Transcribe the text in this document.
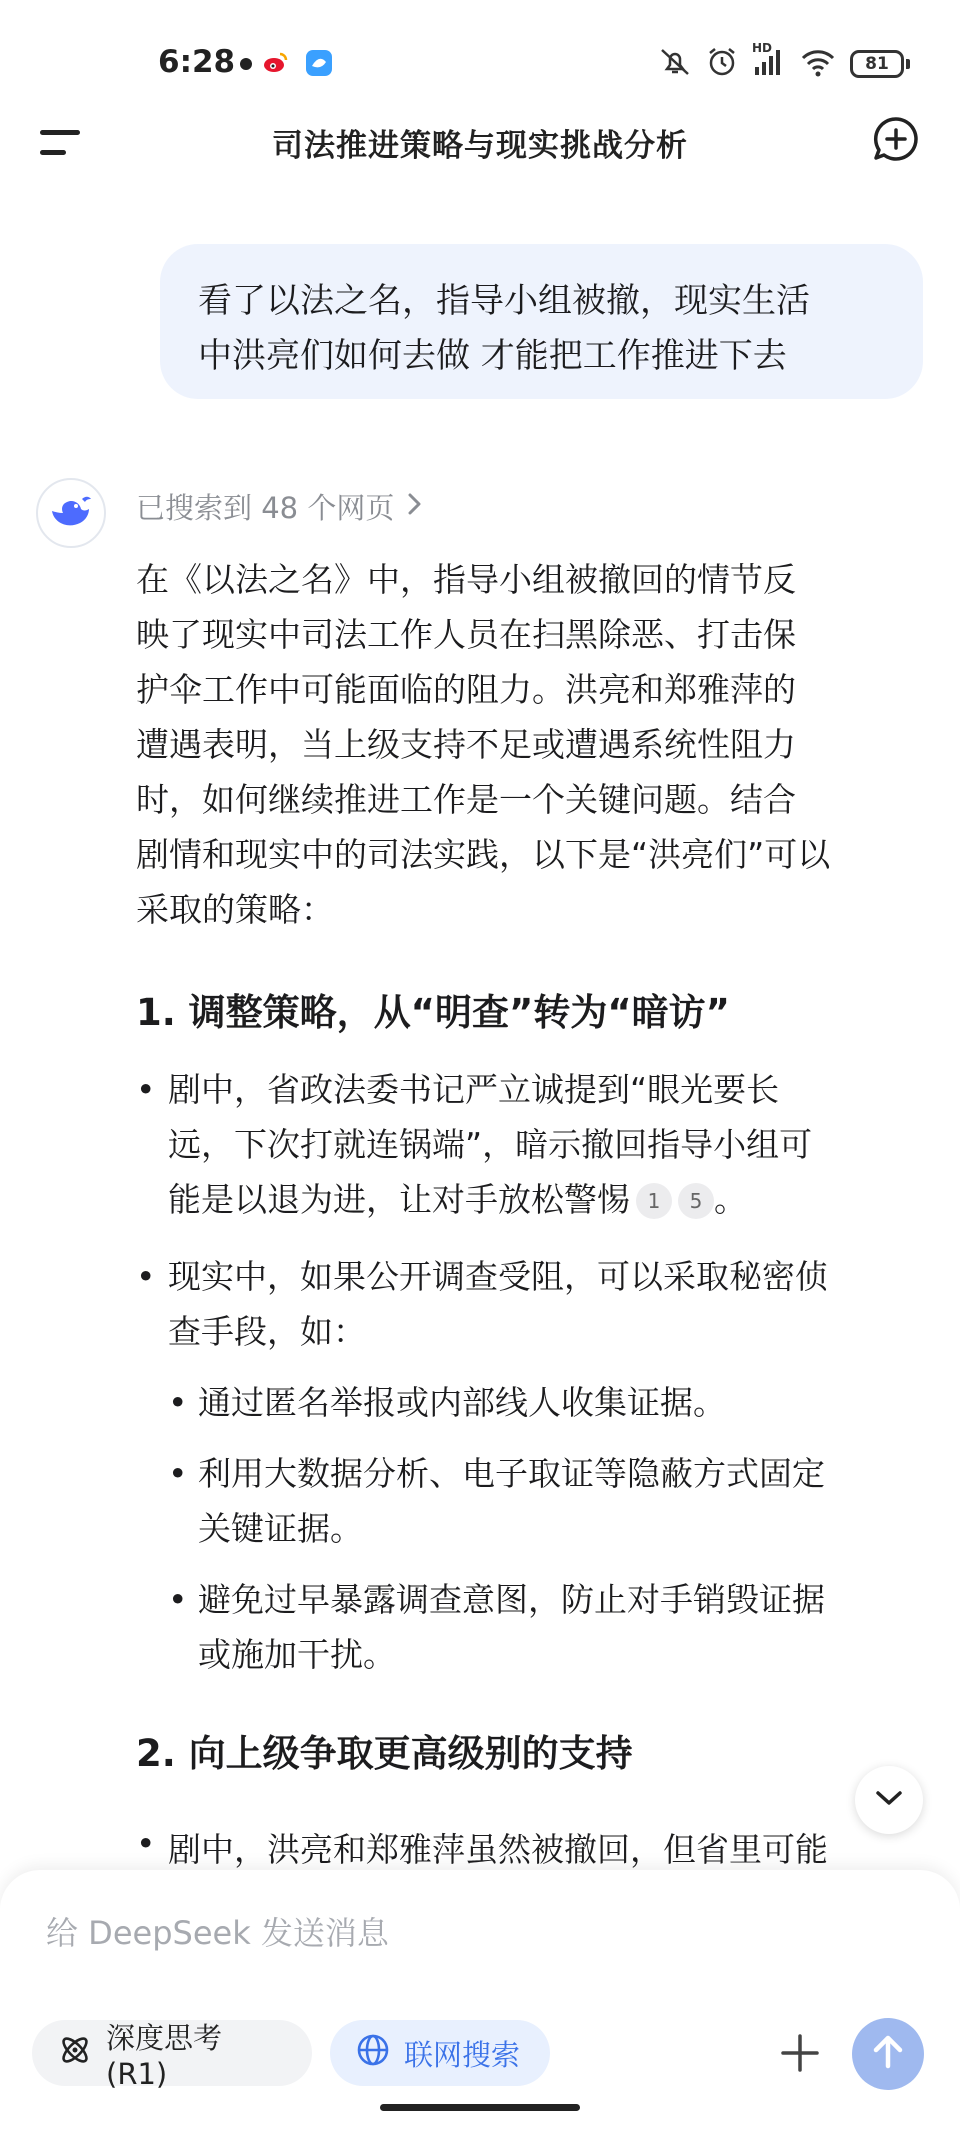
6:28	HD
81
司法推进策略与现实挑战分析
看了以法之名，指导小组被撤，现实生活
中洪亮们如何去做 才能把工作推进下去
已搜索到 48 个网页

在《以法之名》中，指导小组被撤回的情节反
映了现实中司法工作人员在扫黑除恶、打击保
护伞工作中可能面临的阻力。洪亮和郑雅萍的
遭遇表明，当上级支持不足或遭遇系统性阻力
时，如何继续推进工作是一个关键问题。结合
剧情和现实中的司法实践，以下是“洪亮们”可以
采取的策略：

1. 调整策略，从“明查”转为“暗访”
• 剧中，省政法委书记严立诚提到“眼光要长
远，下次打就连锅端”，暗示撤回指导小组可
能是以退为进，让对手放松警惕 1 5 。
• 现实中，如果公开调查受阻，可以采取秘密侦
查手段，如：
• 通过匿名举报或内部线人收集证据。
• 利用大数据分析、电子取证等隐蔽方式固定
关键证据。
• 避免过早暴露调查意图，防止对手销毁证据
或施加干扰。
2. 向上级争取更高级别的支持
• 剧中，洪亮和郑雅萍虽然被撤回，但省里可能
给 DeepSeek 发送消息
深度思考 (R1)
联网搜索
